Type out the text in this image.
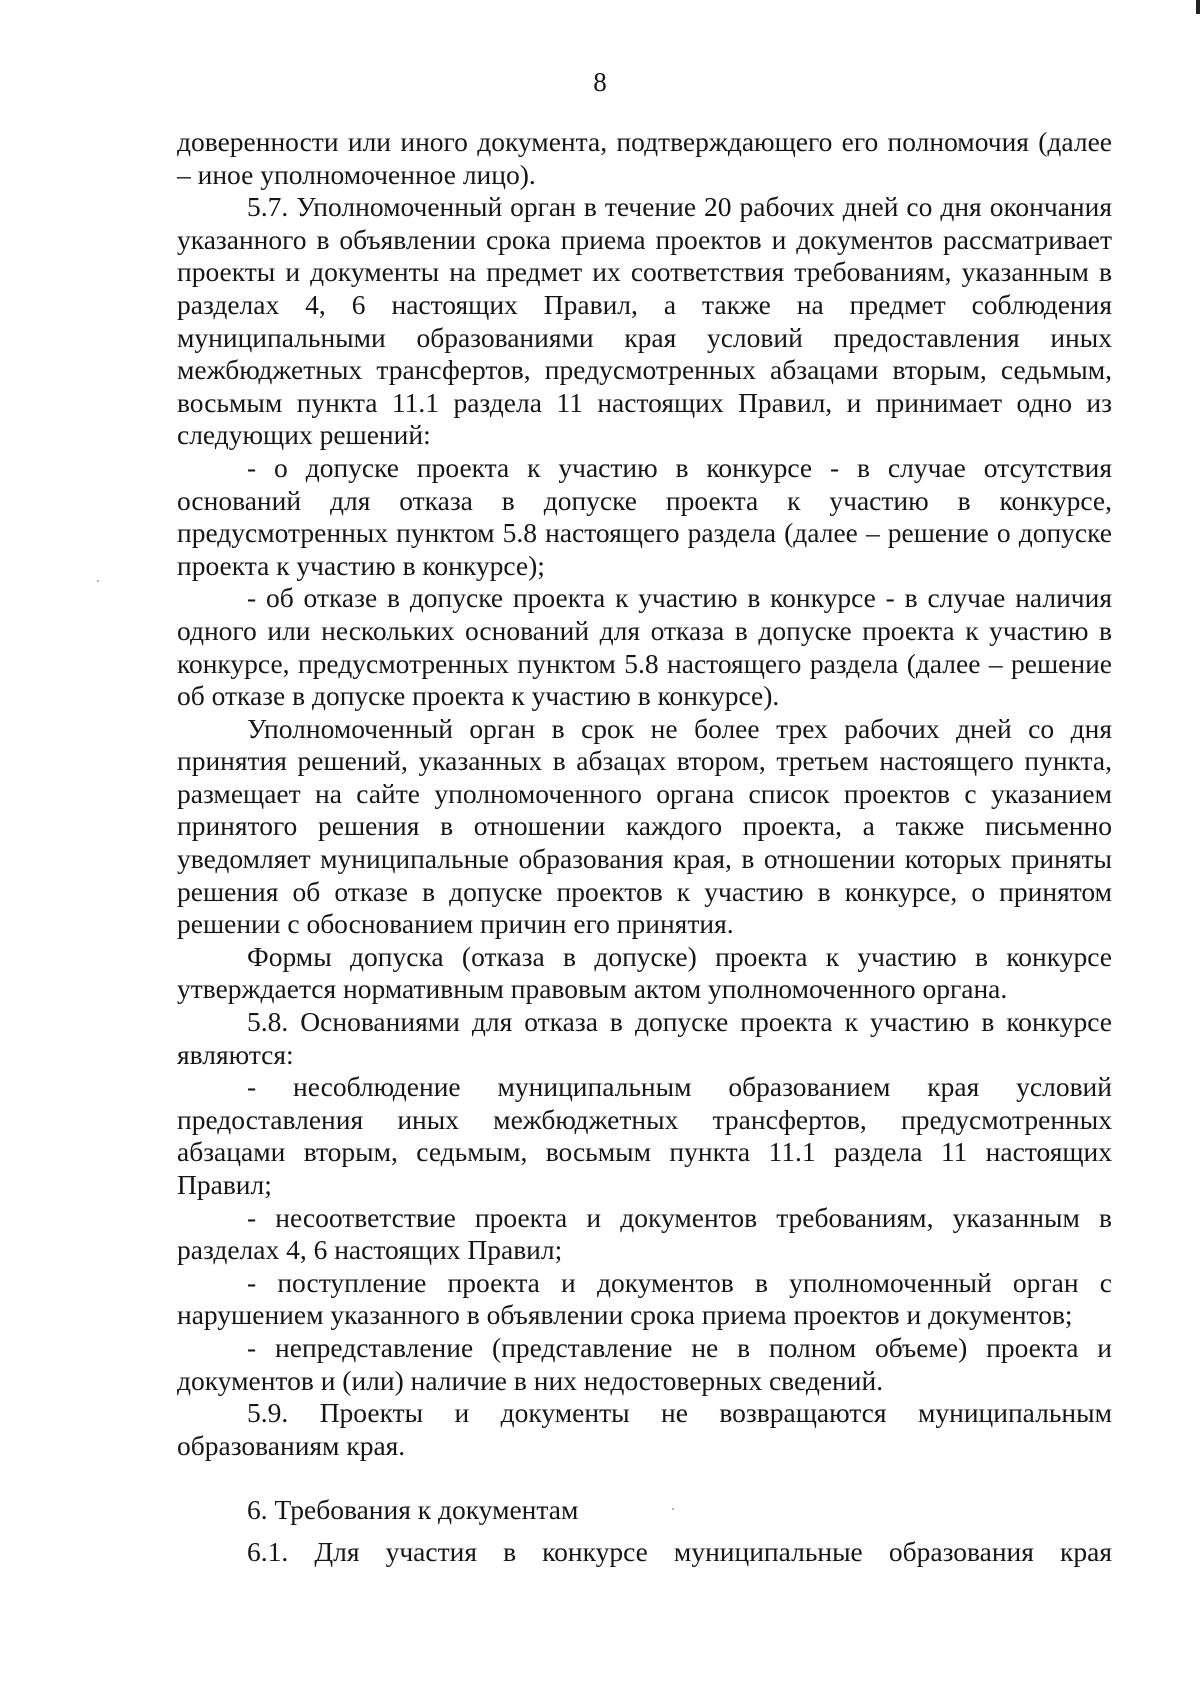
8

доверенности или иного документа, подтверждающего его полномочия (далее – иное уполномоченное лицо).

5.7. Уполномоченный орган в течение 20 рабочих дней со дня окончания указанного в объявлении срока приема проектов и документов рассматривает проекты и документы на предмет их соответствия требованиям, указанным в разделах 4, 6 настоящих Правил, а также на предмет соблюдения муниципальными образованиями края условий предоставления иных межбюджетных трансфертов, предусмотренных абзацами вторым, седьмым, восьмым пункта 11.1 раздела 11 настоящих Правил, и принимает одно из следующих решений:

- о допуске проекта к участию в конкурсе - в случае отсутствия оснований для отказа в допуске проекта к участию в конкурсе, предусмотренных пунктом 5.8 настоящего раздела (далее – решение о допуске проекта к участию в конкурсе);

- об отказе в допуске проекта к участию в конкурсе - в случае наличия одного или нескольких оснований для отказа в допуске проекта к участию в конкурсе, предусмотренных пунктом 5.8 настоящего раздела (далее – решение об отказе в допуске проекта к участию в конкурсе).

Уполномоченный орган в срок не более трех рабочих дней со дня принятия решений, указанных в абзацах втором, третьем настоящего пункта, размещает на сайте уполномоченного органа список проектов с указанием принятого решения в отношении каждого проекта, а также письменно уведомляет муниципальные образования края, в отношении которых приняты решения об отказе в допуске проектов к участию в конкурсе, о принятом решении с обоснованием причин его принятия.

Формы допуска (отказа в допуске) проекта к участию в конкурсе утверждается нормативным правовым актом уполномоченного органа.

5.8. Основаниями для отказа в допуске проекта к участию в конкурсе являются:

- несоблюдение муниципальным образованием края условий предоставления иных межбюджетных трансфертов, предусмотренных абзацами вторым, седьмым, восьмым пункта 11.1 раздела 11 настоящих Правил;

- несоответствие проекта и документов требованиям, указанным в разделах 4, 6 настоящих Правил;

- поступление проекта и документов в уполномоченный орган с нарушением указанного в объявлении срока приема проектов и документов;

- непредставление (представление не в полном объеме) проекта и документов и (или) наличие в них недостоверных сведений.

5.9. Проекты и документы не возвращаются муниципальным образованиям края.

6. Требования к документам

6.1. Для участия в конкурсе муниципальные образования края
